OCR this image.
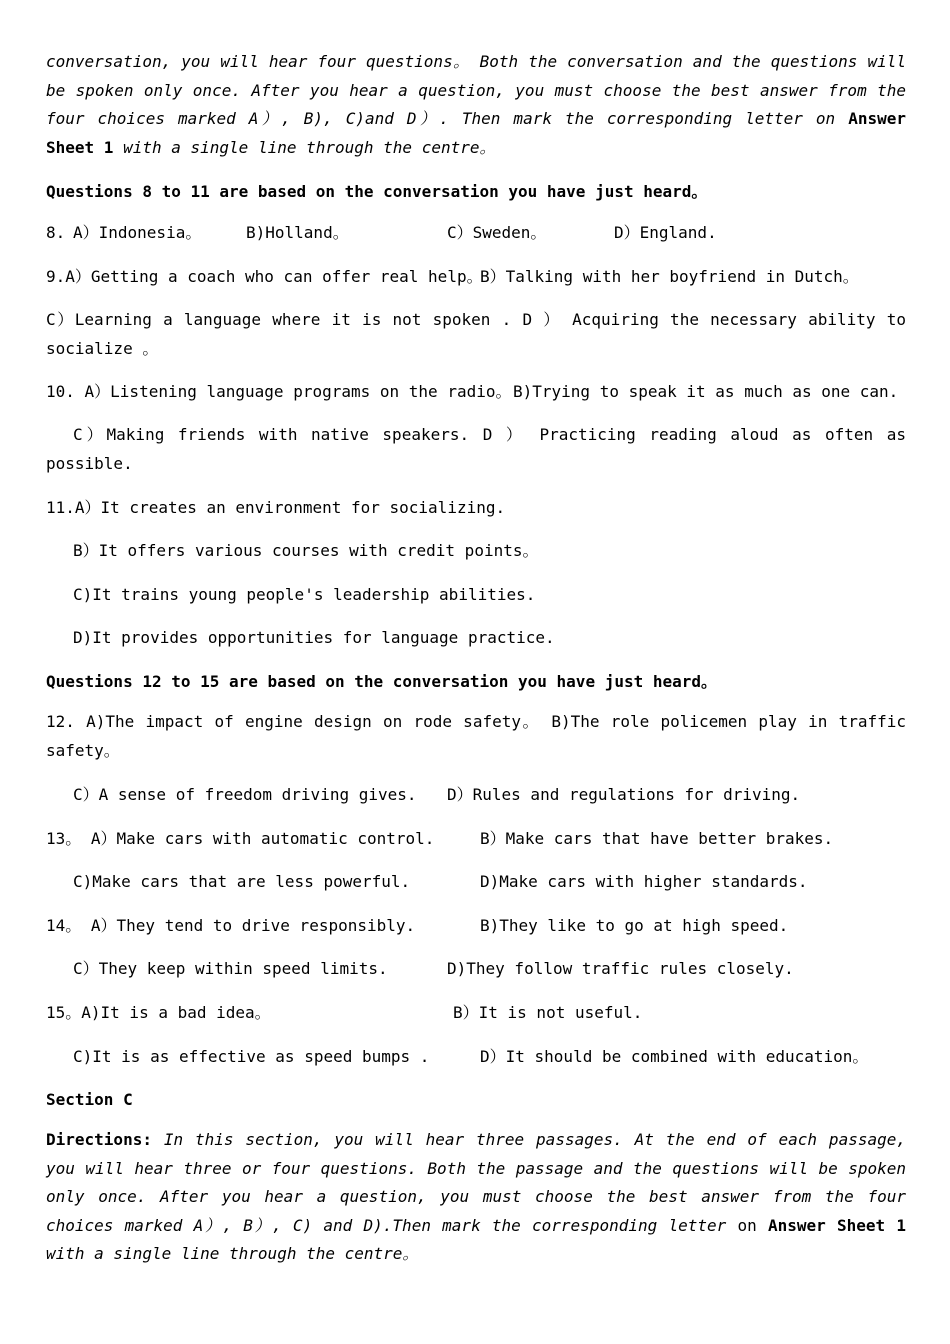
conversation, you will hear four questions。 Both the conversation and the questions will be spoken only once. After you hear a question, you must choose the best answer from the four choices marked A）, B), C)and D）. Then mark the corresponding letter on Answer Sheet 1 with a single line through the centre。
Questions 8 to 11 are based on the conversation you have just heard。
8. A）Indonesia。	B)Holland。	C）Sweden。	D）England.
9.A）Getting a coach who can offer real help。
B）Talking with her boyfriend in Dutch。
C）Learning a language where it is not spoken . D ） Acquiring the necessary ability to socialize 。
10. A）Listening language programs on the radio。 B)Trying to speak it as much as one can.
C）Making friends with native speakers. D ） Practicing reading aloud as often as possible.
11.A）It creates an environment for socializing.
B）It offers various courses with credit points。
C)It trains young people's leadership abilities.
D)It provides opportunities for language practice.
Questions 12 to 15 are based on the conversation you have just heard。
12. A)The impact of engine design on rode safety。 B)The role policemen play in traffic safety。
C）A sense of freedom driving gives. D）Rules and regulations for driving.
13。 A）Make cars with automatic control.	B）Make cars that have better brakes.
C)Make cars that are less powerful.	D)Make cars with higher standards.
14。 A）They tend to drive responsibly.	B)They like to go at high speed.
C）They keep within speed limits.	D)They follow traffic rules closely.
15。A)It is a bad idea。	B）It is not useful.
C)It is as effective as speed bumps .	D）It should be combined with education。
Section C
Directions: In this section, you will hear three passages. At the end of each passage, you will hear three or four questions. Both the passage and the questions will be spoken only once. After you hear a question, you must choose the best answer from the four choices marked A）, B）, C) and D).Then mark the corresponding letter on Answer Sheet 1 with a single line through the centre。
